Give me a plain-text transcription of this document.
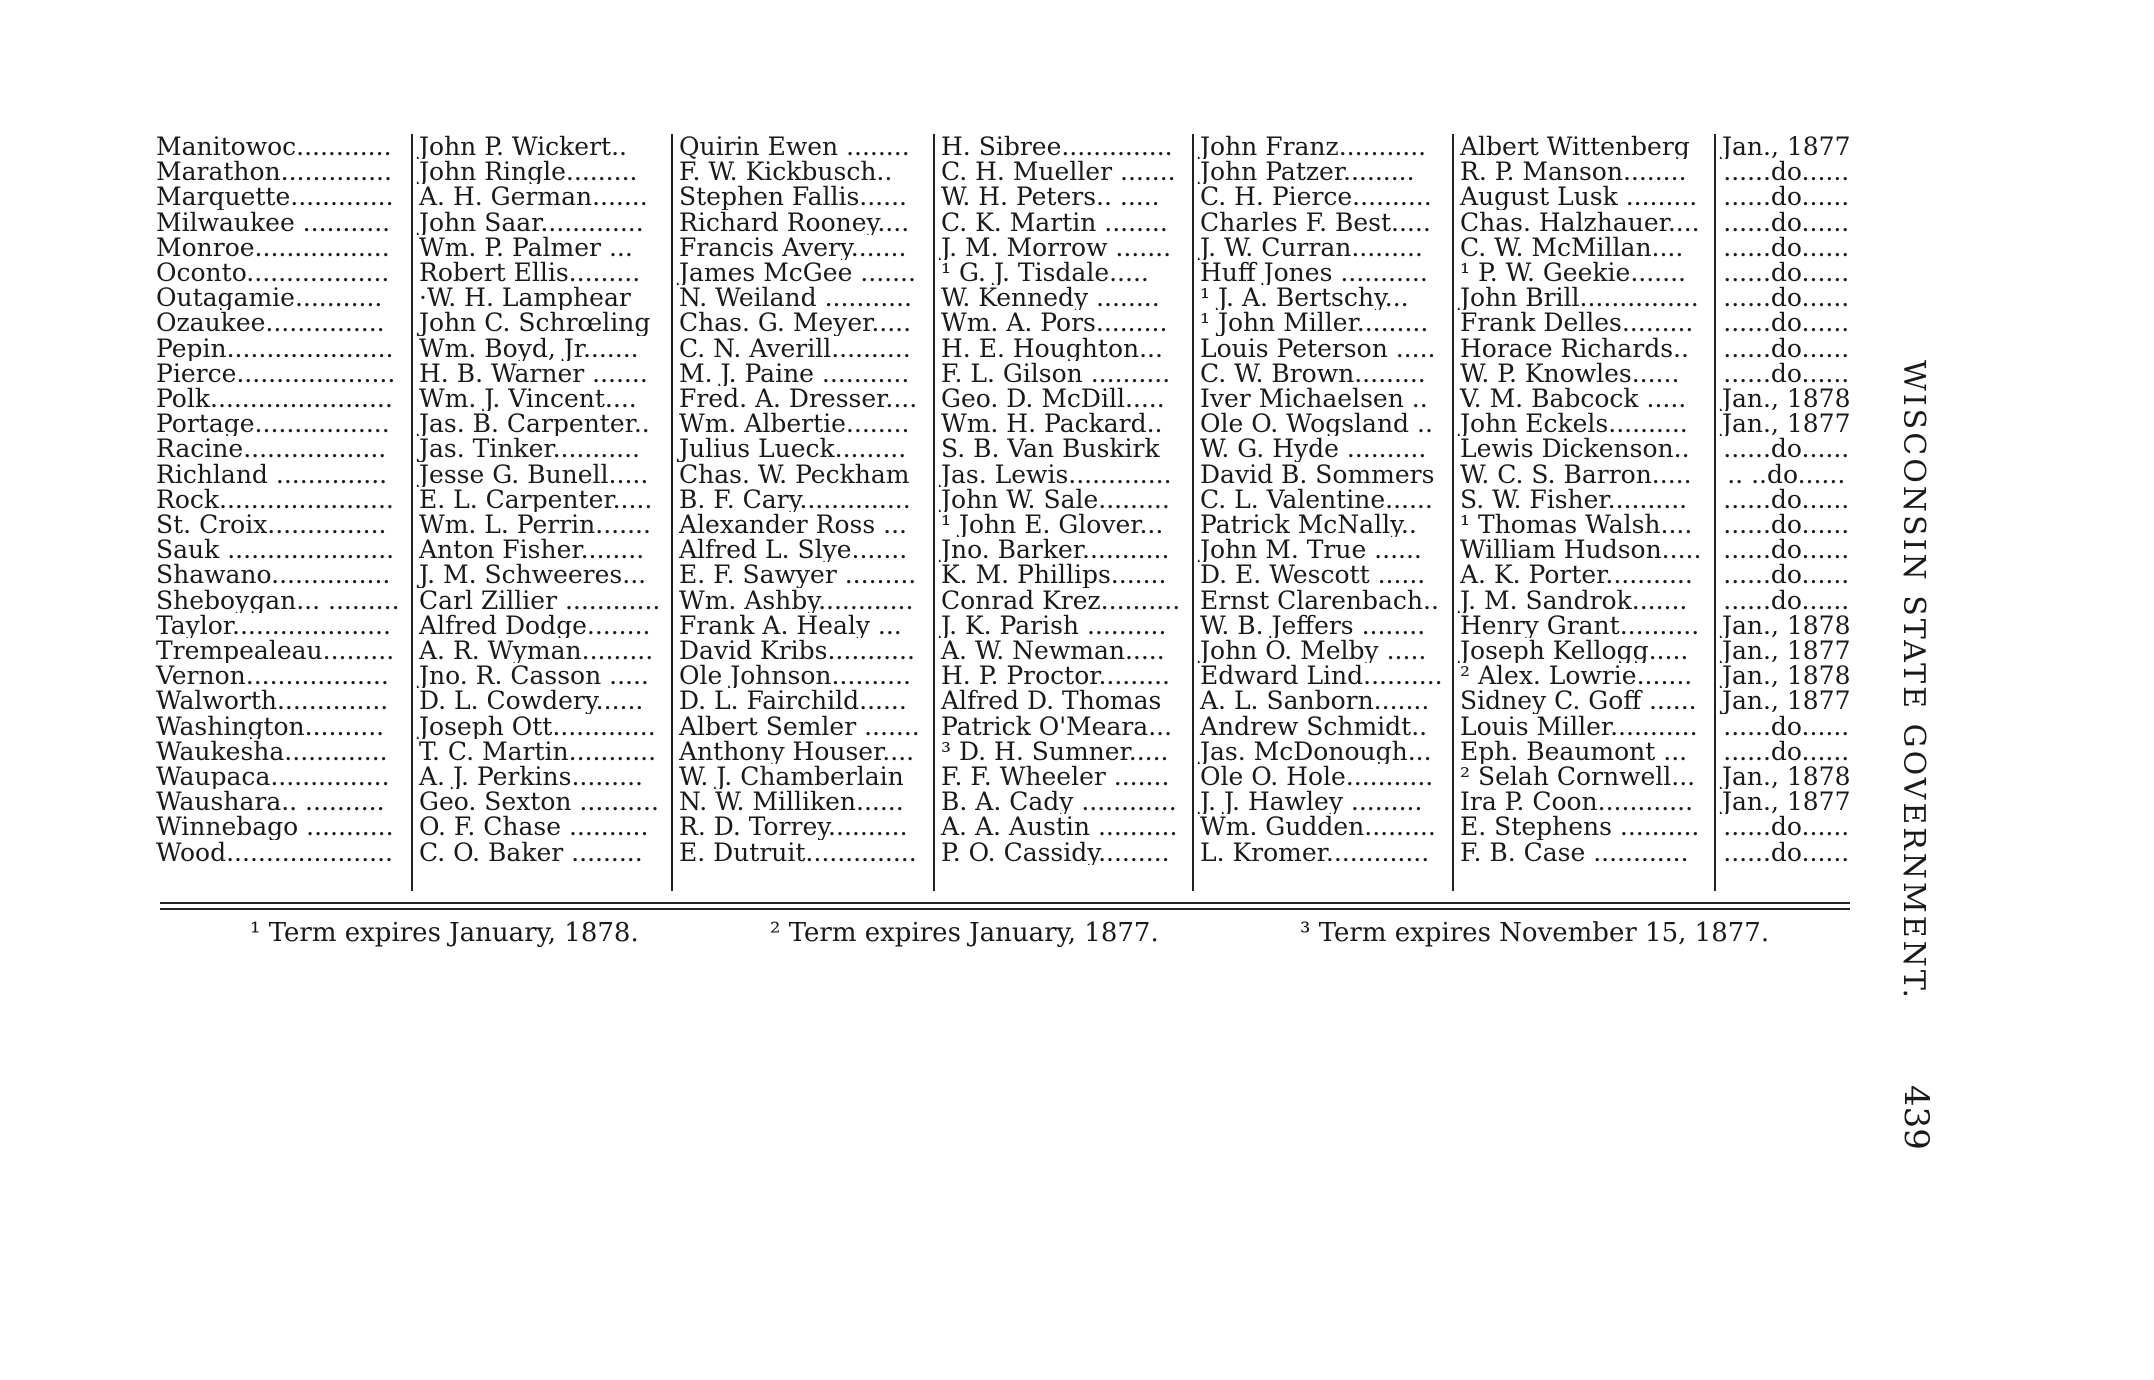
Manitowoc............	John P. Wickert..	Quirin Ewen ........	H. Sibree..............	John Franz...........	Albert Wittenberg	Jan., 1877
Marathon..............	John Ringle.........	F. W. Kickbusch..	C. H. Mueller .......	John Patzer.........	R. P. Manson........	......do......
Marquette.............	A. H. German.......	Stephen Fallis......	W. H. Peters.. .....	C. H. Pierce..........	August Lusk .........	......do......
Milwaukee ...........	John Saar.............	Richard Rooney....	C. K. Martin ........	Charles F. Best.....	Chas. Halzhauer....	......do......
Monroe.................	Wm. P. Palmer ...	Francis Avery.......	J. M. Morrow .......	J. W. Curran.........	C. W. McMillan....	......do......
Oconto..................	Robert Ellis.........	James McGee .......	¹ G. J. Tisdale.....	Huff Jones ...........	¹ P. W. Geekie.......	......do......
Outagamie...........	·W. H. Lamphear	N. Weiland ...........	W. Kennedy ........	¹ J. A. Bertschy...	John Brill...............	......do......
Ozaukee...............	John C. Schrœling	Chas. G. Meyer.....	Wm. A. Pors.........	¹ John Miller.........	Frank Delles.........	......do......
Pepin.....................	Wm. Boyd, Jr.......	C. N. Averill..........	H. E. Houghton...	Louis Peterson .....	Horace Richards..	......do......
Pierce....................	H. B. Warner .......	M. J. Paine ...........	F. L. Gilson ..........	C. W. Brown.........	W. P. Knowles......	......do......
Polk.......................	Wm. J. Vincent....	Fred. A. Dresser....	Geo. D. McDill.....	Iver Michaelsen ..	V. M. Babcock .....	Jan., 1878
Portage.................	Jas. B. Carpenter..	Wm. Albertie........	Wm. H. Packard..	Ole O. Wogsland ..	John Eckels..........	Jan., 1877
Racine..................	Jas. Tinker...........	Julius Lueck.........	S. B. Van Buskirk	W. G. Hyde ..........	Lewis Dickenson..	......do......
Richland ..............	Jesse G. Bunell.....	Chas. W. Peckham	Jas. Lewis.............	David B. Sommers	W. C. S. Barron.....	.. ..do......
Rock......................	E. L. Carpenter.....	B. F. Cary..............	John W. Sale.........	C. L. Valentine......	S. W. Fisher..........	......do......
St. Croix...............	Wm. L. Perrin.......	Alexander Ross ...	¹ John E. Glover...	Patrick McNally..	¹ Thomas Walsh....	......do......
Sauk .....................	Anton Fisher........	Alfred L. Slye.......	Jno. Barker...........	John M. True ......	William Hudson.....	......do......
Shawano...............	J. M. Schweeres...	E. F. Sawyer .........	K. M. Phillips.......	D. E. Wescott ......	A. K. Porter...........	......do......
Sheboygan... .........	Carl Zillier ............	Wm. Ashby............	Conrad Krez..........	Ernst Clarenbach..	J. M. Sandrok.......	......do......
Taylor....................	Alfred Dodge........	Frank A. Healy ...	J. K. Parish ..........	W. B. Jeffers ........	Henry Grant..........	Jan., 1878
Trempealeau.........	A. R. Wyman.........	David Kribs...........	A. W. Newman.....	John O. Melby .....	Joseph Kellogg.....	Jan., 1877
Vernon..................	Jno. R. Casson .....	Ole Johnson..........	H. P. Proctor.........	Edward Lind..........	² Alex. Lowrie.......	Jan., 1878
Walworth..............	D. L. Cowdery......	D. L. Fairchild......	Alfred D. Thomas	A. L. Sanborn.......	Sidney C. Goff ......	Jan., 1877
Washington..........	Joseph Ott.............	Albert Semler .......	Patrick O'Meara...	Andrew Schmidt..	Louis Miller...........	......do......
Waukesha.............	T. C. Martin...........	Anthony Houser....	³ D. H. Sumner.....	Jas. McDonough...	Eph. Beaumont ...	......do......
Waupaca...............	A. J. Perkins.........	W. J. Chamberlain	F. F. Wheeler .......	Ole O. Hole...........	² Selah Cornwell...	Jan., 1878
Waushara.. ..........	Geo. Sexton ..........	N. W. Milliken......	B. A. Cady ............	J. J. Hawley .........	Ira P. Coon............	Jan., 1877
Winnebago ...........	O. F. Chase ..........	R. D. Torrey..........	A. A. Austin ..........	Wm. Gudden.........	E. Stephens ..........	......do......
Wood.....................	C. O. Baker .........	E. Dutruit..............	P. O. Cassidy.........	L. Kromer.............	F. B. Case ............	......do......

¹ Term expires January, 1878.	² Term expires January, 1877.	³ Term expires November 15, 1877.	WISCONSIN STATE GOVERNMENT.
439
